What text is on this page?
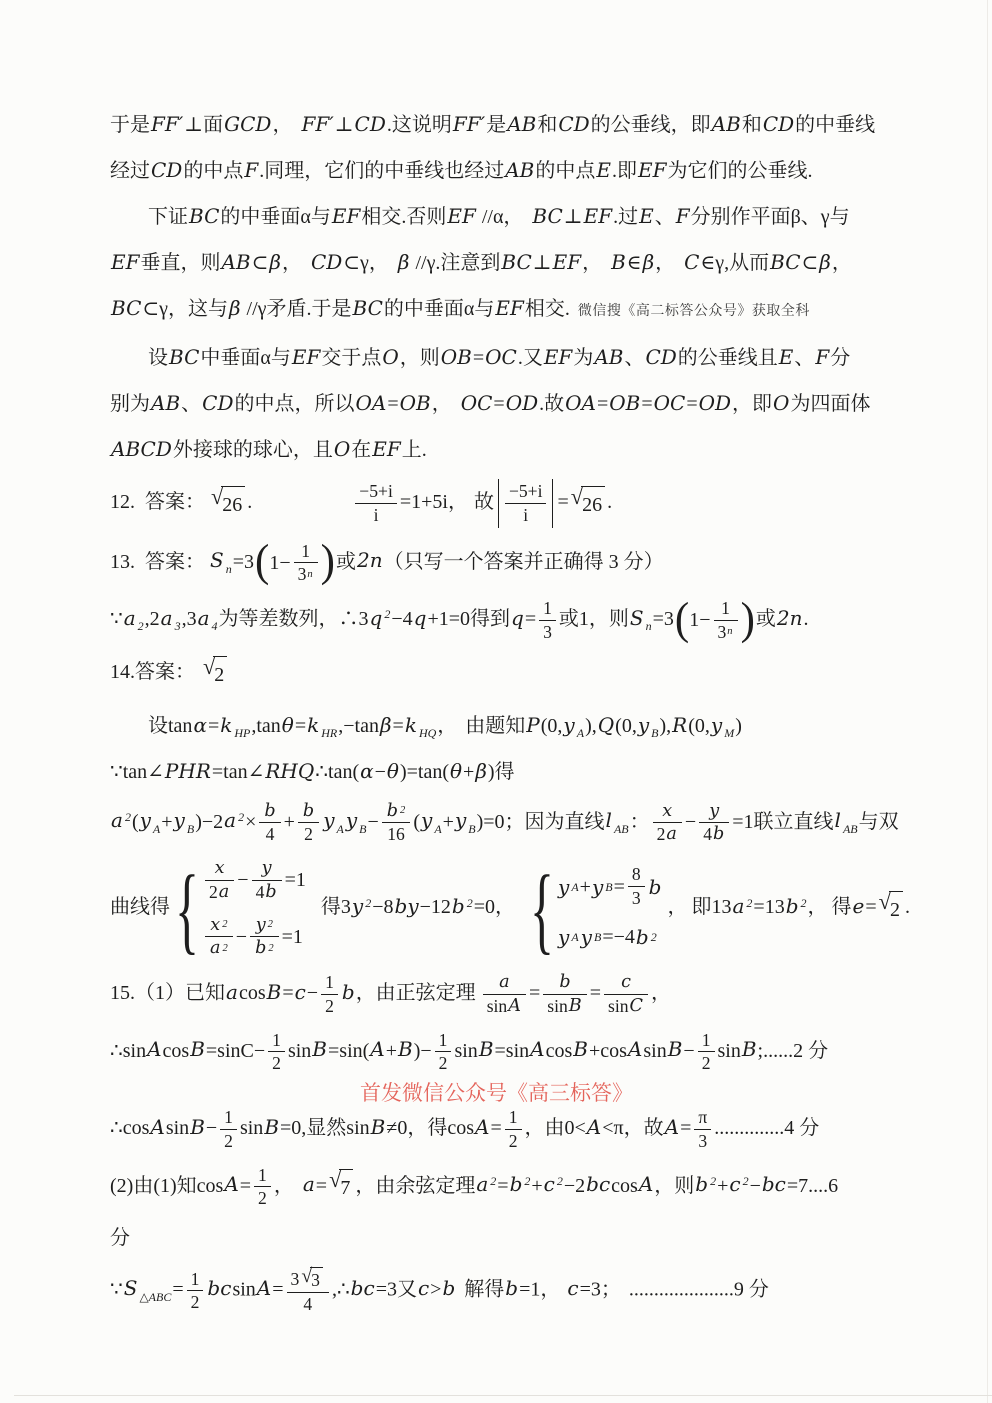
于是FF′⊥面GCD， FF′⊥CD.这说明FF′是AB和CD的公垂线，即AB和CD的中垂线
经过CD的中点F.同理，它们的中垂线也经过AB的中点E.即EF为它们的公垂线.
下证BC的中垂面α与EF相交.否则EF //α， BC⊥EF.过E、F分别作平面β、γ与
EF垂直，则AB⊂β， CD⊂γ， β //γ.注意到BC⊥EF， B∈β， C∈γ,从而BC⊂β，
BC⊂γ，这与β //γ矛盾.于是BC的中垂面α与EF相交. 微信搜《高二标答公众号》获取全科
设BC中垂面α与EF交于点O，则OB=OC.又EF为AB、CD的公垂线且E、F分
别为AB、CD的中点，所以OA=OB， OC=OD.故OA=OB=OC=OD，即O为四面体
ABCD外接球的球心，且O在EF上.
12. 答案： √ 26 .	$\frac{-5+i}{i} =1+5i$， 故 $\frac{-5+i}{i}$ = √ 26 .
13. 答案： S $_n$=3 ( $1- \frac{1}{3 n}$ ) 或2n（只写一个答案并正确得 3 分）
∵a $_2$,2a $_3$,3a $_4$为等差数列，∴3q $^2$−4q+1=0得到$q= \frac{1}{3}$ 或1，则S $_n$=3 ( $1- \frac{1}{3 n}$ ) 或2n.
14.答案： √ 2
设tanα=k $_{HP}$,tanθ=k $_{HR}$,−tanβ=k $_{HQ}$， 由题知P(0,y $_A$),Q(0,y $_B$),R(0,y $_M$)
∵tan∠PHR=tan∠RHQ∴tan(α−θ)=tan(θ+β)得
a $^2$(y $_A$+y $_B$)−2a $^2\times \frac{b}{4} + \frac{b}{2}$ y $_A$ y $_B- \frac{b 2}{16} (y$ $_A$+y $_B$)=0；因为直线l $_{AB}$： $\frac{x}{2 a} - \frac{y}{4 b} =1$联立直线l $_{AB}$与双
曲线得 { $\frac{x}{2 a} - \frac{y}{4 b} =1$
$\frac{x 2}{a 2} - \frac{y 2}{b 2} =1$
得3y $^2$−8by−12b $^2$=0， { y A + y $B = \frac{8}{3}$ b
y A y B =−4 b 2
， 即13a $^2$=13b $^2$， 得e= √ 2 .
15.（1）已知$acosB=c- \frac{1}{2}$ b，由正弦定理 $\frac{a}{\text{sin A}} = \frac{b}{\text{sin B}} = \frac{c}{\text{sin C}}$ ，
∴sinAcosB=sinC− $\frac{1}{2} \sin B=\sin(A+B)- \frac{1}{2}$ sinB=sinAcosB+cosAsinB− $\frac{1}{2}$ sinB;......2 分
首发微信公众号《高三标答》
∴cosAsinB− $\frac{1}{2} \sin B=0$,显然sinB≠0，得$\cos A= \frac{1}{2}$ ，由0<A<π，故$A= \frac{\pi}{3} ..............4$ 分
(2)由(1)知$\cos A= \frac{1}{2}$ ， a= √ 7 ，由余弦定理a $^2$=b $^2$+c $^2$−2bccosA，则b $^2$+c $^2$−bc=7....6
分
∵S $_{\triangle ABC}= \frac{1}{2} bcsinA= \frac{3 √ 3}{4}$ ,∴bc=3又c>b 解得b=1， c=3； .....................9 分
